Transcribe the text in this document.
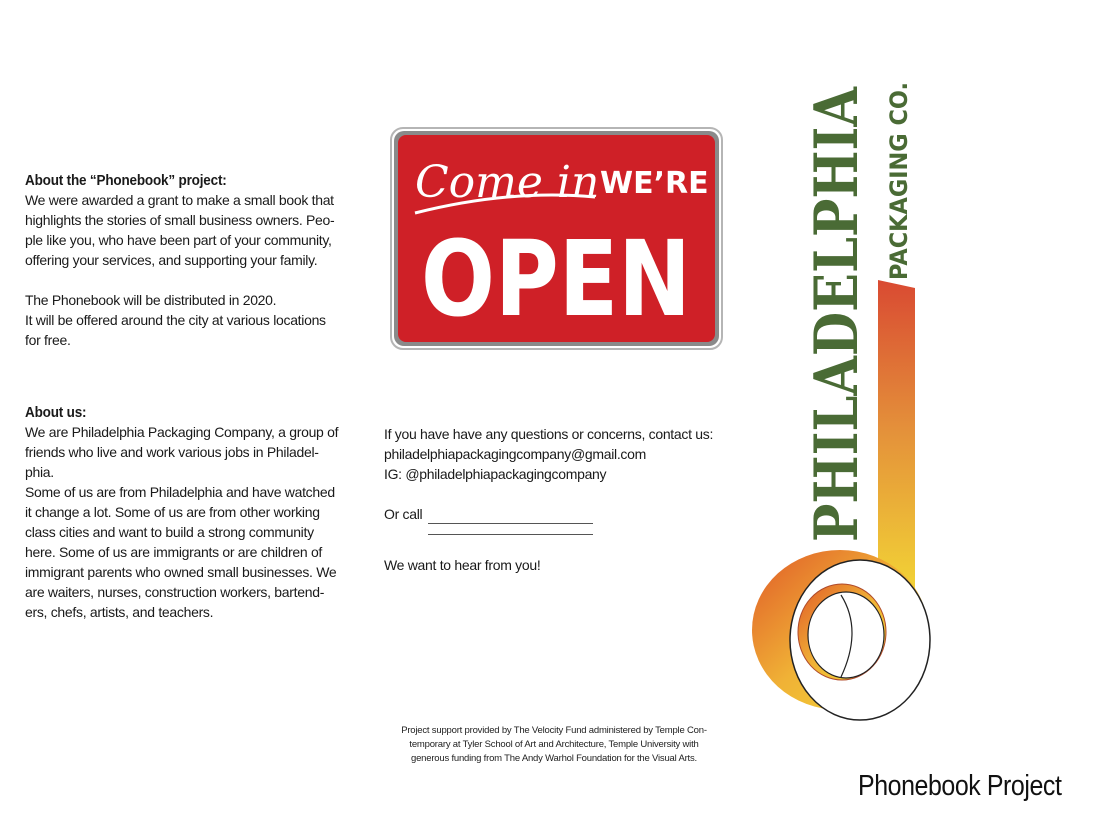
About the “Phonebook” project:

We were awarded a grant to make a small book that

highlights the stories of small business owners. Peo-

ple like you, who have been part of your community,

offering your services, and supporting your family.

The Phonebook will be distributed in 2020.

It will be offered around the city at various locations

for free.

About us:

We are Philadelphia Packaging Company, a group of

friends who live and work various jobs in Philadel-

phia.

Some of us are from Philadelphia and have watched

it change a lot. Some of us are from other working

class cities and want to build a strong community

here. Some of us are immigrants or are children of

immigrant parents who owned small businesses. We

are waiters, nurses, construction workers, bartend-

ers, chefs, artists, and teachers.

Come in WE’RE
OPEN

If you have have any questions or concerns, contact us:

philadelphiapackagingcompany@gmail.com

IG: @philadelphiapackagingcompany

Or call

We want to hear from you!

Project support provided by The Velocity Fund administered by Temple Con-
temporary at Tyler School of Art and Architecture, Temple University with
generous funding from The Andy Warhol Foundation for the Visual Arts.
PHILADELPHIA PACKAGING CO.
Phonebook Project
